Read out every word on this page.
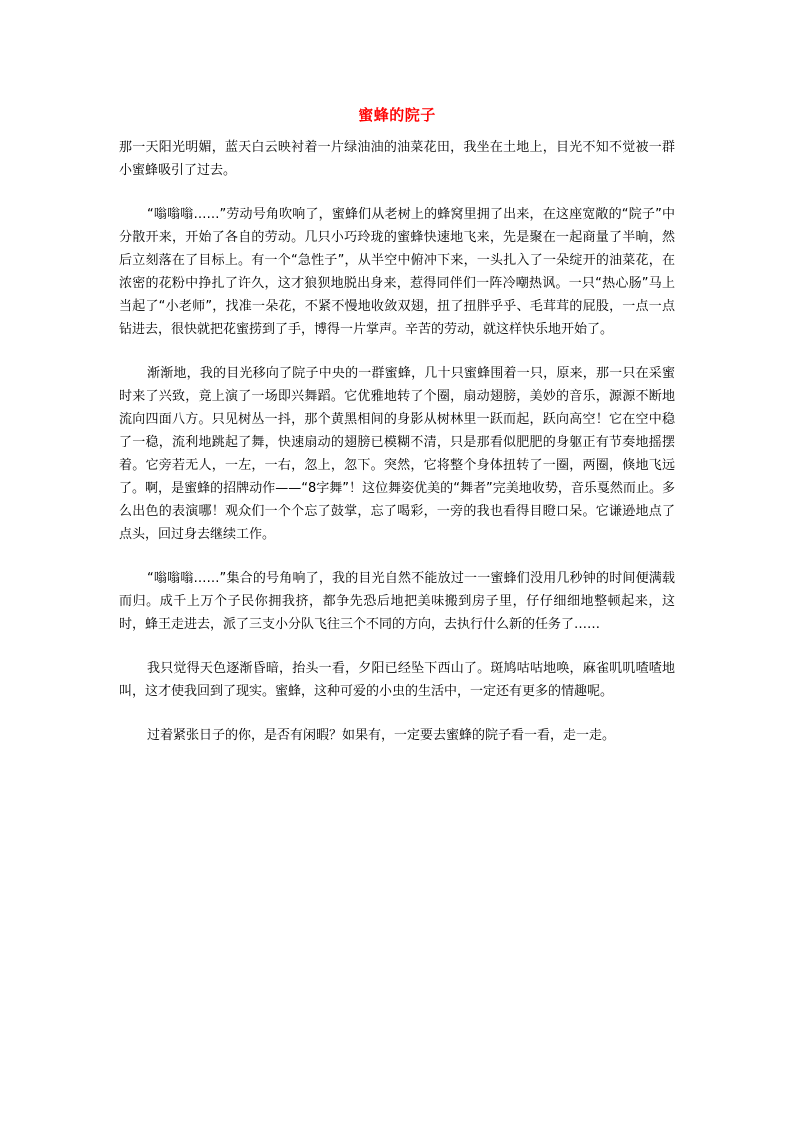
蜜蜂的院子

那一天阳光明媚，蓝天白云映衬着一片绿油油的油菜花田，我坐在土地上，目光不知不觉被一群小蜜蜂吸引了过去。

“嗡嗡嗡……”劳动号角吹响了，蜜蜂们从老树上的蜂窝里拥了出来，在这座宽敞的“院子”中分散开来，开始了各自的劳动。几只小巧玲珑的蜜蜂快速地飞来，先是聚在一起商量了半晌，然后立刻落在了目标上。有一个“急性子”，从半空中俯冲下来，一头扎入了一朵绽开的油菜花，在浓密的花粉中挣扎了许久，这才狼狈地脱出身来，惹得同伴们一阵冷嘲热讽。一只“热心肠”马上当起了“小老师”，找准一朵花，不紧不慢地收敛双翅，扭了扭胖乎乎、毛茸茸的屁股，一点一点钻进去，很快就把花蜜捞到了手，博得一片掌声。辛苦的劳动，就这样快乐地开始了。

渐渐地，我的目光移向了院子中央的一群蜜蜂，几十只蜜蜂围着一只，原来，那一只在采蜜时来了兴致，竟上演了一场即兴舞蹈。它优雅地转了个圈，扇动翅膀，美妙的音乐，源源不断地流向四面八方。只见树丛一抖，那个黄黑相间的身影从树林里一跃而起，跃向高空！它在空中稳了一稳，流利地跳起了舞，快速扇动的翅膀已模糊不清，只是那看似肥肥的身躯正有节奏地摇摆着。它旁若无人，一左，一右，忽上，忽下。突然，它将整个身体扭转了一圈，两圈，倏地飞远了。啊，是蜜蜂的招牌动作——“8字舞”！这位舞姿优美的“舞者”完美地收势，音乐戛然而止。多么出色的表演哪！观众们一个个忘了鼓掌，忘了喝彩，一旁的我也看得目瞪口呆。它谦逊地点了点头，回过身去继续工作。

“嗡嗡嗡……”集合的号角响了，我的目光自然不能放过一一蜜蜂们没用几秒钟的时间便满载而归。成千上万个子民你拥我挤，都争先恐后地把美味搬到房子里，仔仔细细地整顿起来，这时，蜂王走进去，派了三支小分队飞往三个不同的方向，去执行什么新的任务了……

我只觉得天色逐渐昏暗，抬头一看，夕阳已经坠下西山了。斑鸠咕咕地唤，麻雀叽叽喳喳地叫，这才使我回到了现实。蜜蜂，这种可爱的小虫的生活中，一定还有更多的情趣呢。

过着紧张日子的你，是否有闲暇？如果有，一定要去蜜蜂的院子看一看，走一走。
